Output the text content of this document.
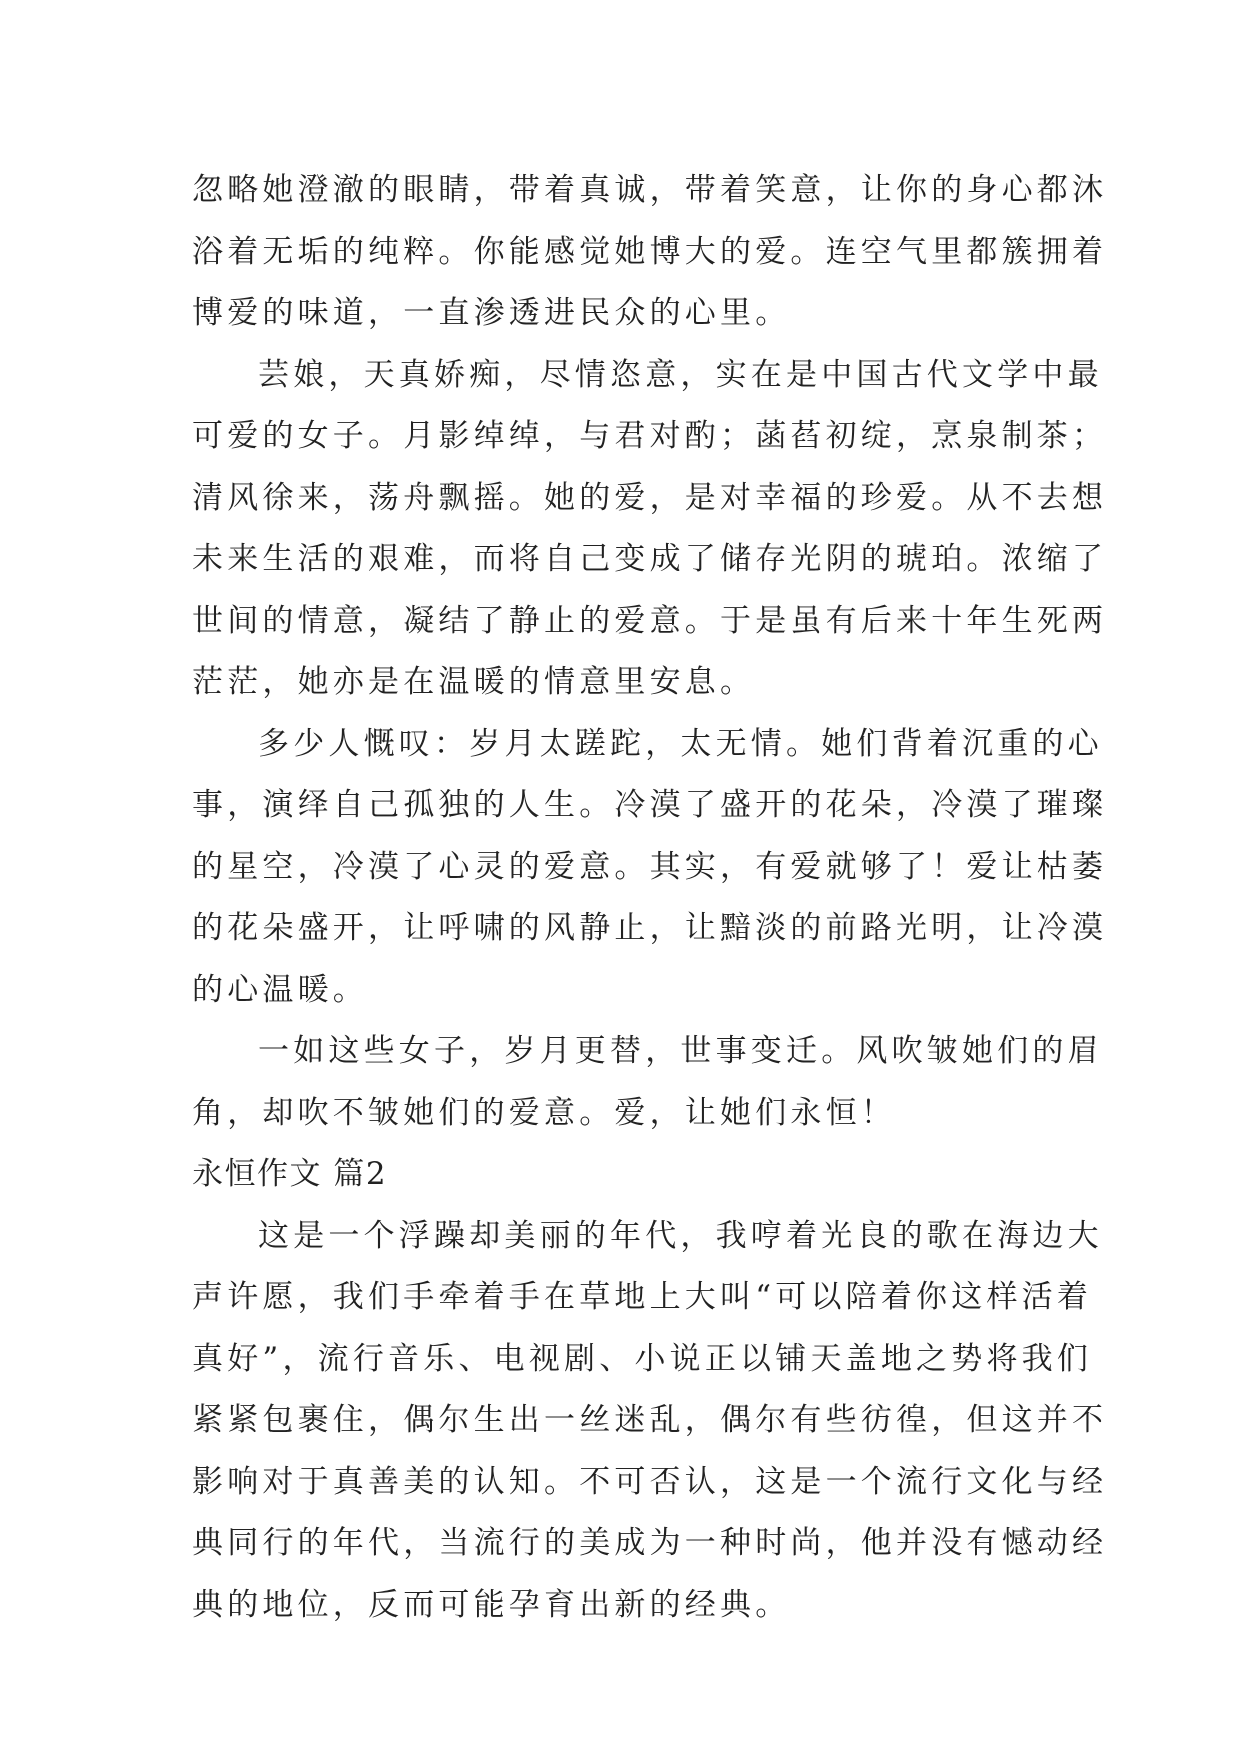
忽略她澄澈的眼睛，带着真诚，带着笑意，让你的身心都沐
浴着无垢的纯粹。你能感觉她博大的爱。连空气里都簇拥着
博爱的味道，一直渗透进民众的心里。
芸娘，天真娇痴，尽情恣意，实在是中国古代文学中最
可爱的女子。月影绰绰，与君对酌；菡萏初绽，烹泉制茶；
清风徐来，荡舟飘摇。她的爱，是对幸福的珍爱。从不去想
未来生活的艰难，而将自己变成了储存光阴的琥珀。浓缩了
世间的情意，凝结了静止的爱意。于是虽有后来十年生死两
茫茫，她亦是在温暖的情意里安息。
多少人慨叹：岁月太蹉跎，太无情。她们背着沉重的心
事，演绎自己孤独的人生。冷漠了盛开的花朵，冷漠了璀璨
的星空，冷漠了心灵的爱意。其实，有爱就够了！爱让枯萎
的花朵盛开，让呼啸的风静止，让黯淡的前路光明，让冷漠
的心温暖。
一如这些女子，岁月更替，世事变迁。风吹皱她们的眉
角，却吹不皱她们的爱意。爱，让她们永恒！
永恒作文 篇2
这是一个浮躁却美丽的年代，我哼着光良的歌在海边大
声许愿，我们手牵着手在草地上大叫“可以陪着你这样活着
真好”，流行音乐、电视剧、小说正以铺天盖地之势将我们
紧紧包裹住，偶尔生出一丝迷乱，偶尔有些彷徨，但这并不
影响对于真善美的认知。不可否认，这是一个流行文化与经
典同行的年代，当流行的美成为一种时尚，他并没有憾动经
典的地位，反而可能孕育出新的经典。
